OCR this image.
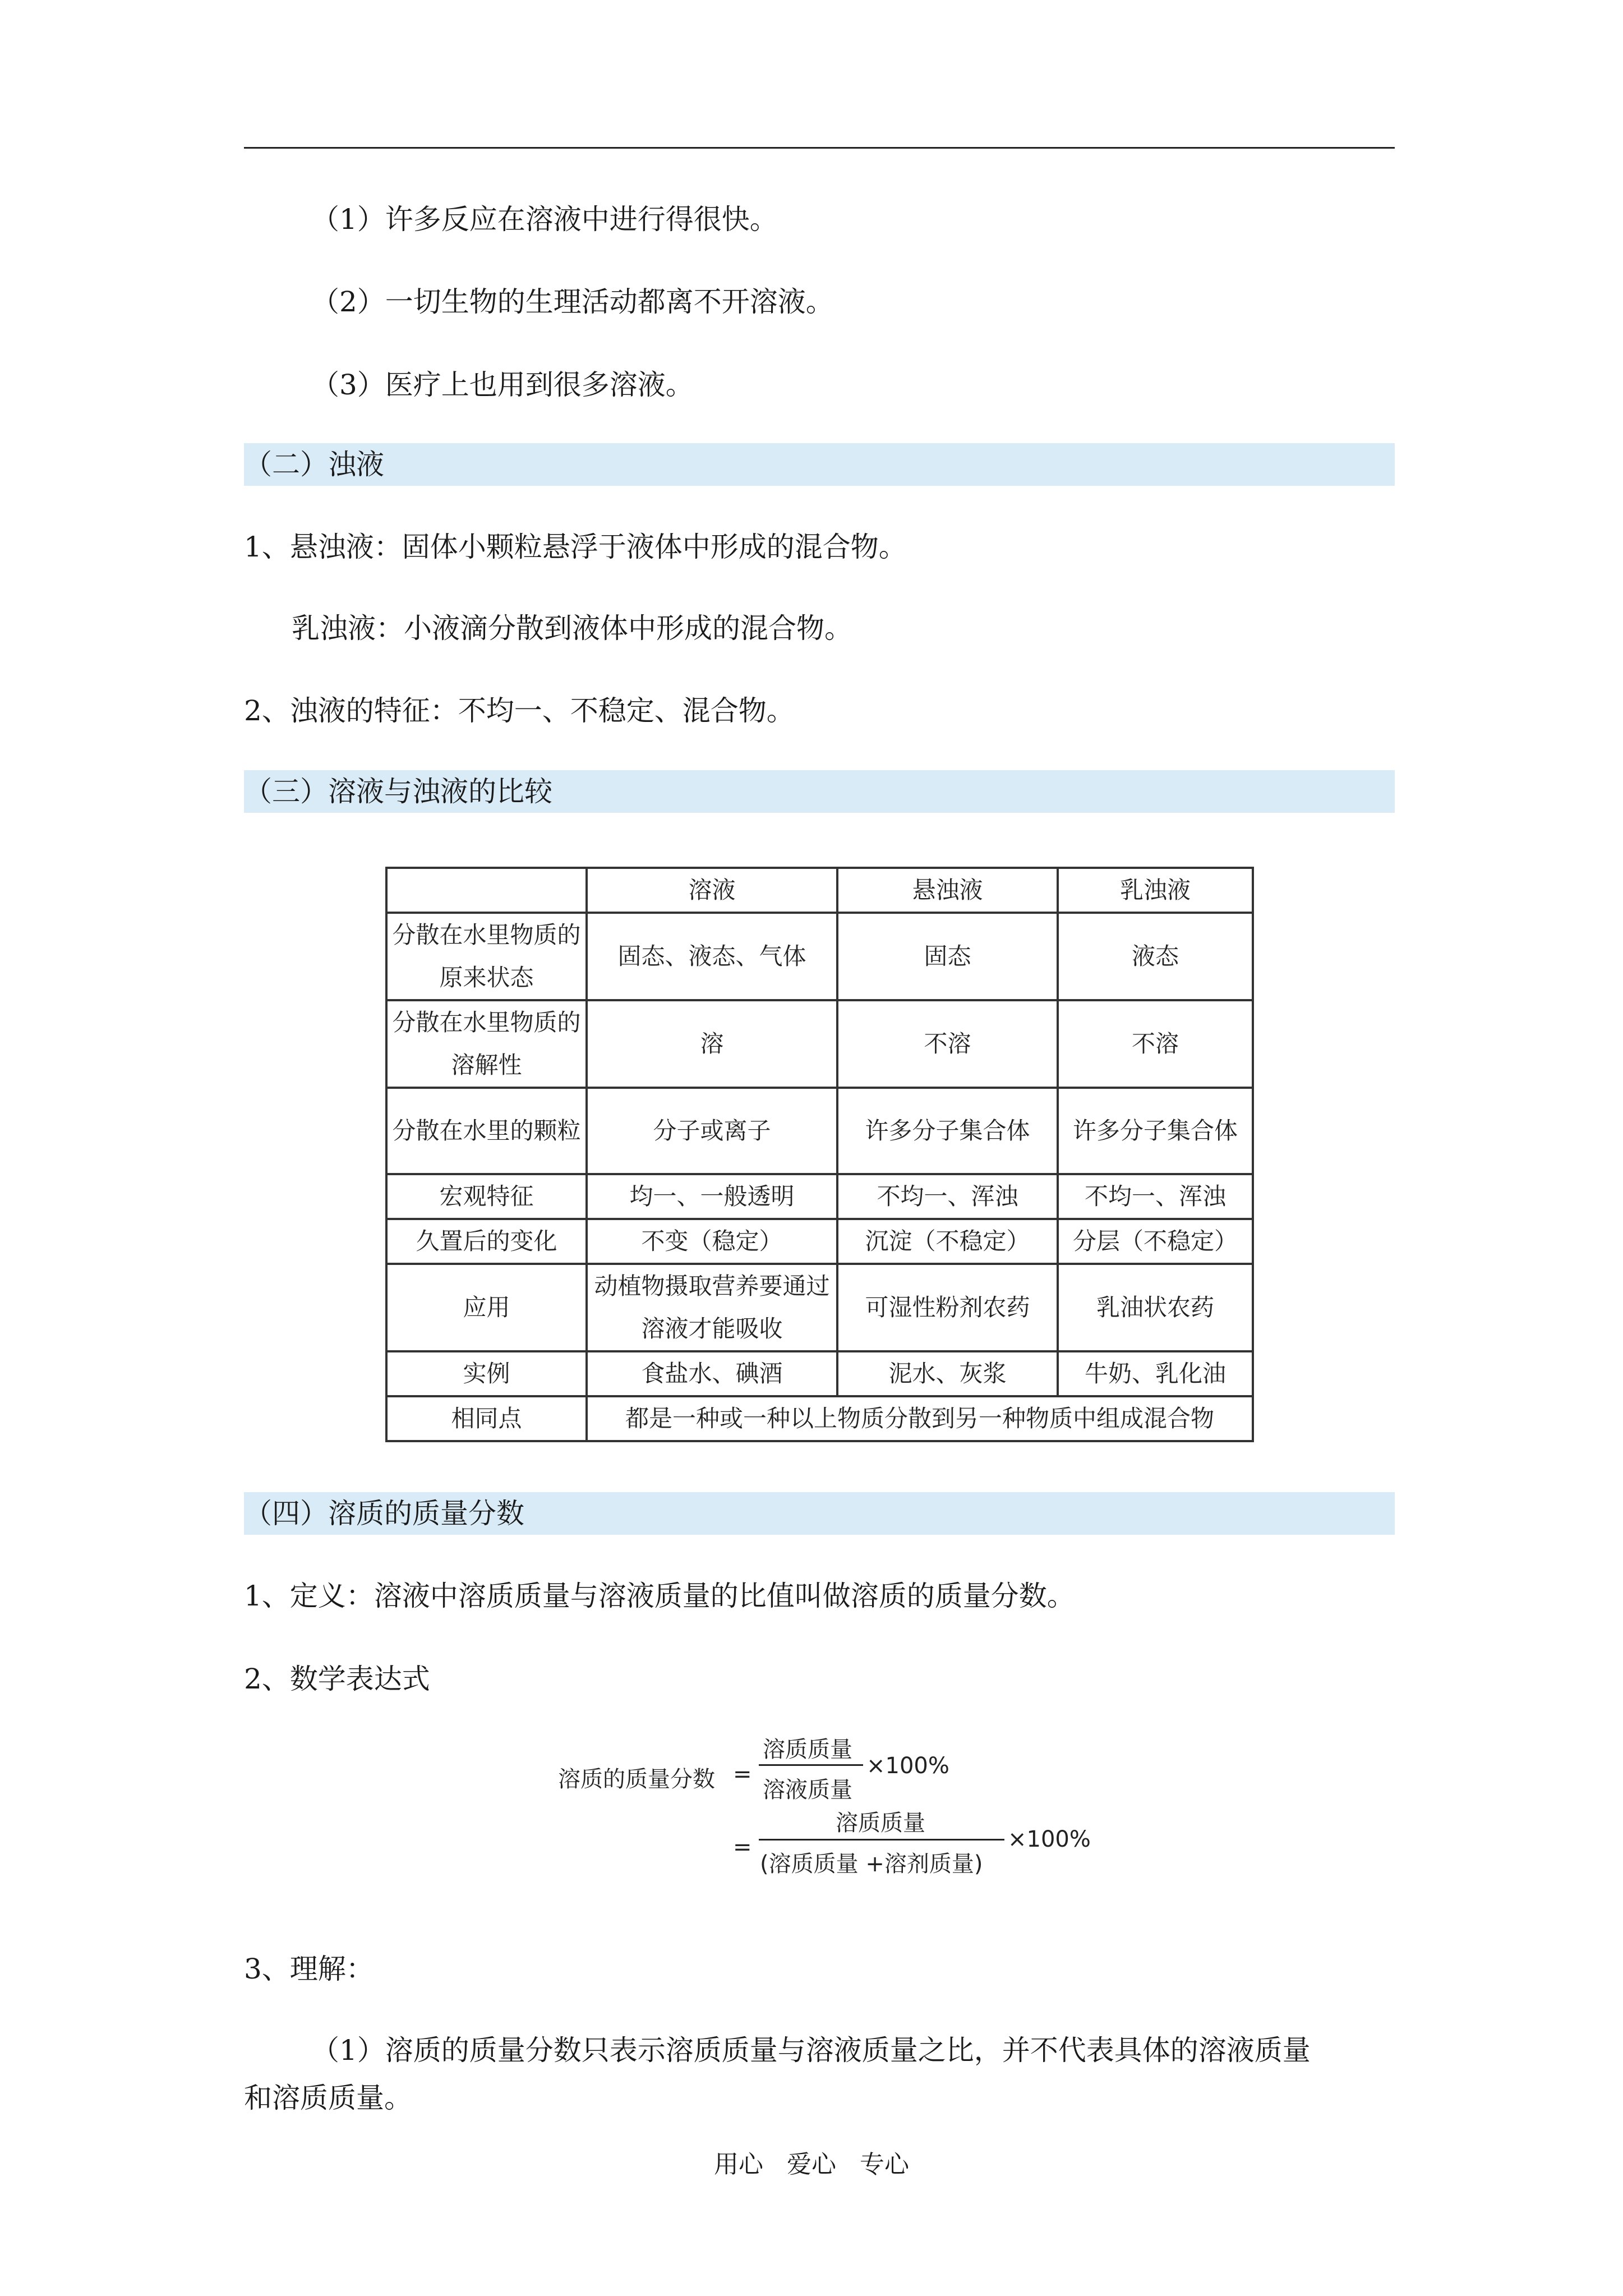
（1）许多反应在溶液中进行得很快。
（2）一切生物的生理活动都离不开溶液。
（3）医疗上也用到很多溶液。
（二）浊液
1、悬浊液：固体小颗粒悬浮于液体中形成的混合物。
乳浊液：小液滴分散到液体中形成的混合物。
2、浊液的特征：不均一、不稳定、混合物。
（三）溶液与浊液的比较
	溶液	悬浊液	乳浊液
分散在水里物质的原来状态	固态、液态、气体	固态	液态
分散在水里物质的溶解性	溶	不溶	不溶
分散在水里的颗粒	分子或离子	许多分子集合体	许多分子集合体
宏观特征	均一、一般透明	不均一、浑浊	不均一、浑浊
久置后的变化	不变（稳定）	沉淀（不稳定）	分层（不稳定）
应用	动植物摄取营养要通过溶液才能吸收	可湿性粉剂农药	乳油状农药
实例	食盐水、碘酒	泥水、灰浆	牛奶、乳化油
相同点	都是一种或一种以上物质分散到另一种物质中组成混合物		
（四）溶质的质量分数
1、定义：溶液中溶质质量与溶液质量的比值叫做溶质的质量分数。
2、数学表达式
溶质的质量分数 =
溶质质量
溶液质量
×100%
=
溶质质量
(溶质质量 +溶剂质量)
×100%
3、理解：
（1）溶质的质量分数只表示溶质质量与溶液质量之比，并不代表具体的溶液质量
和溶质质量。
用心   爱心   专心
